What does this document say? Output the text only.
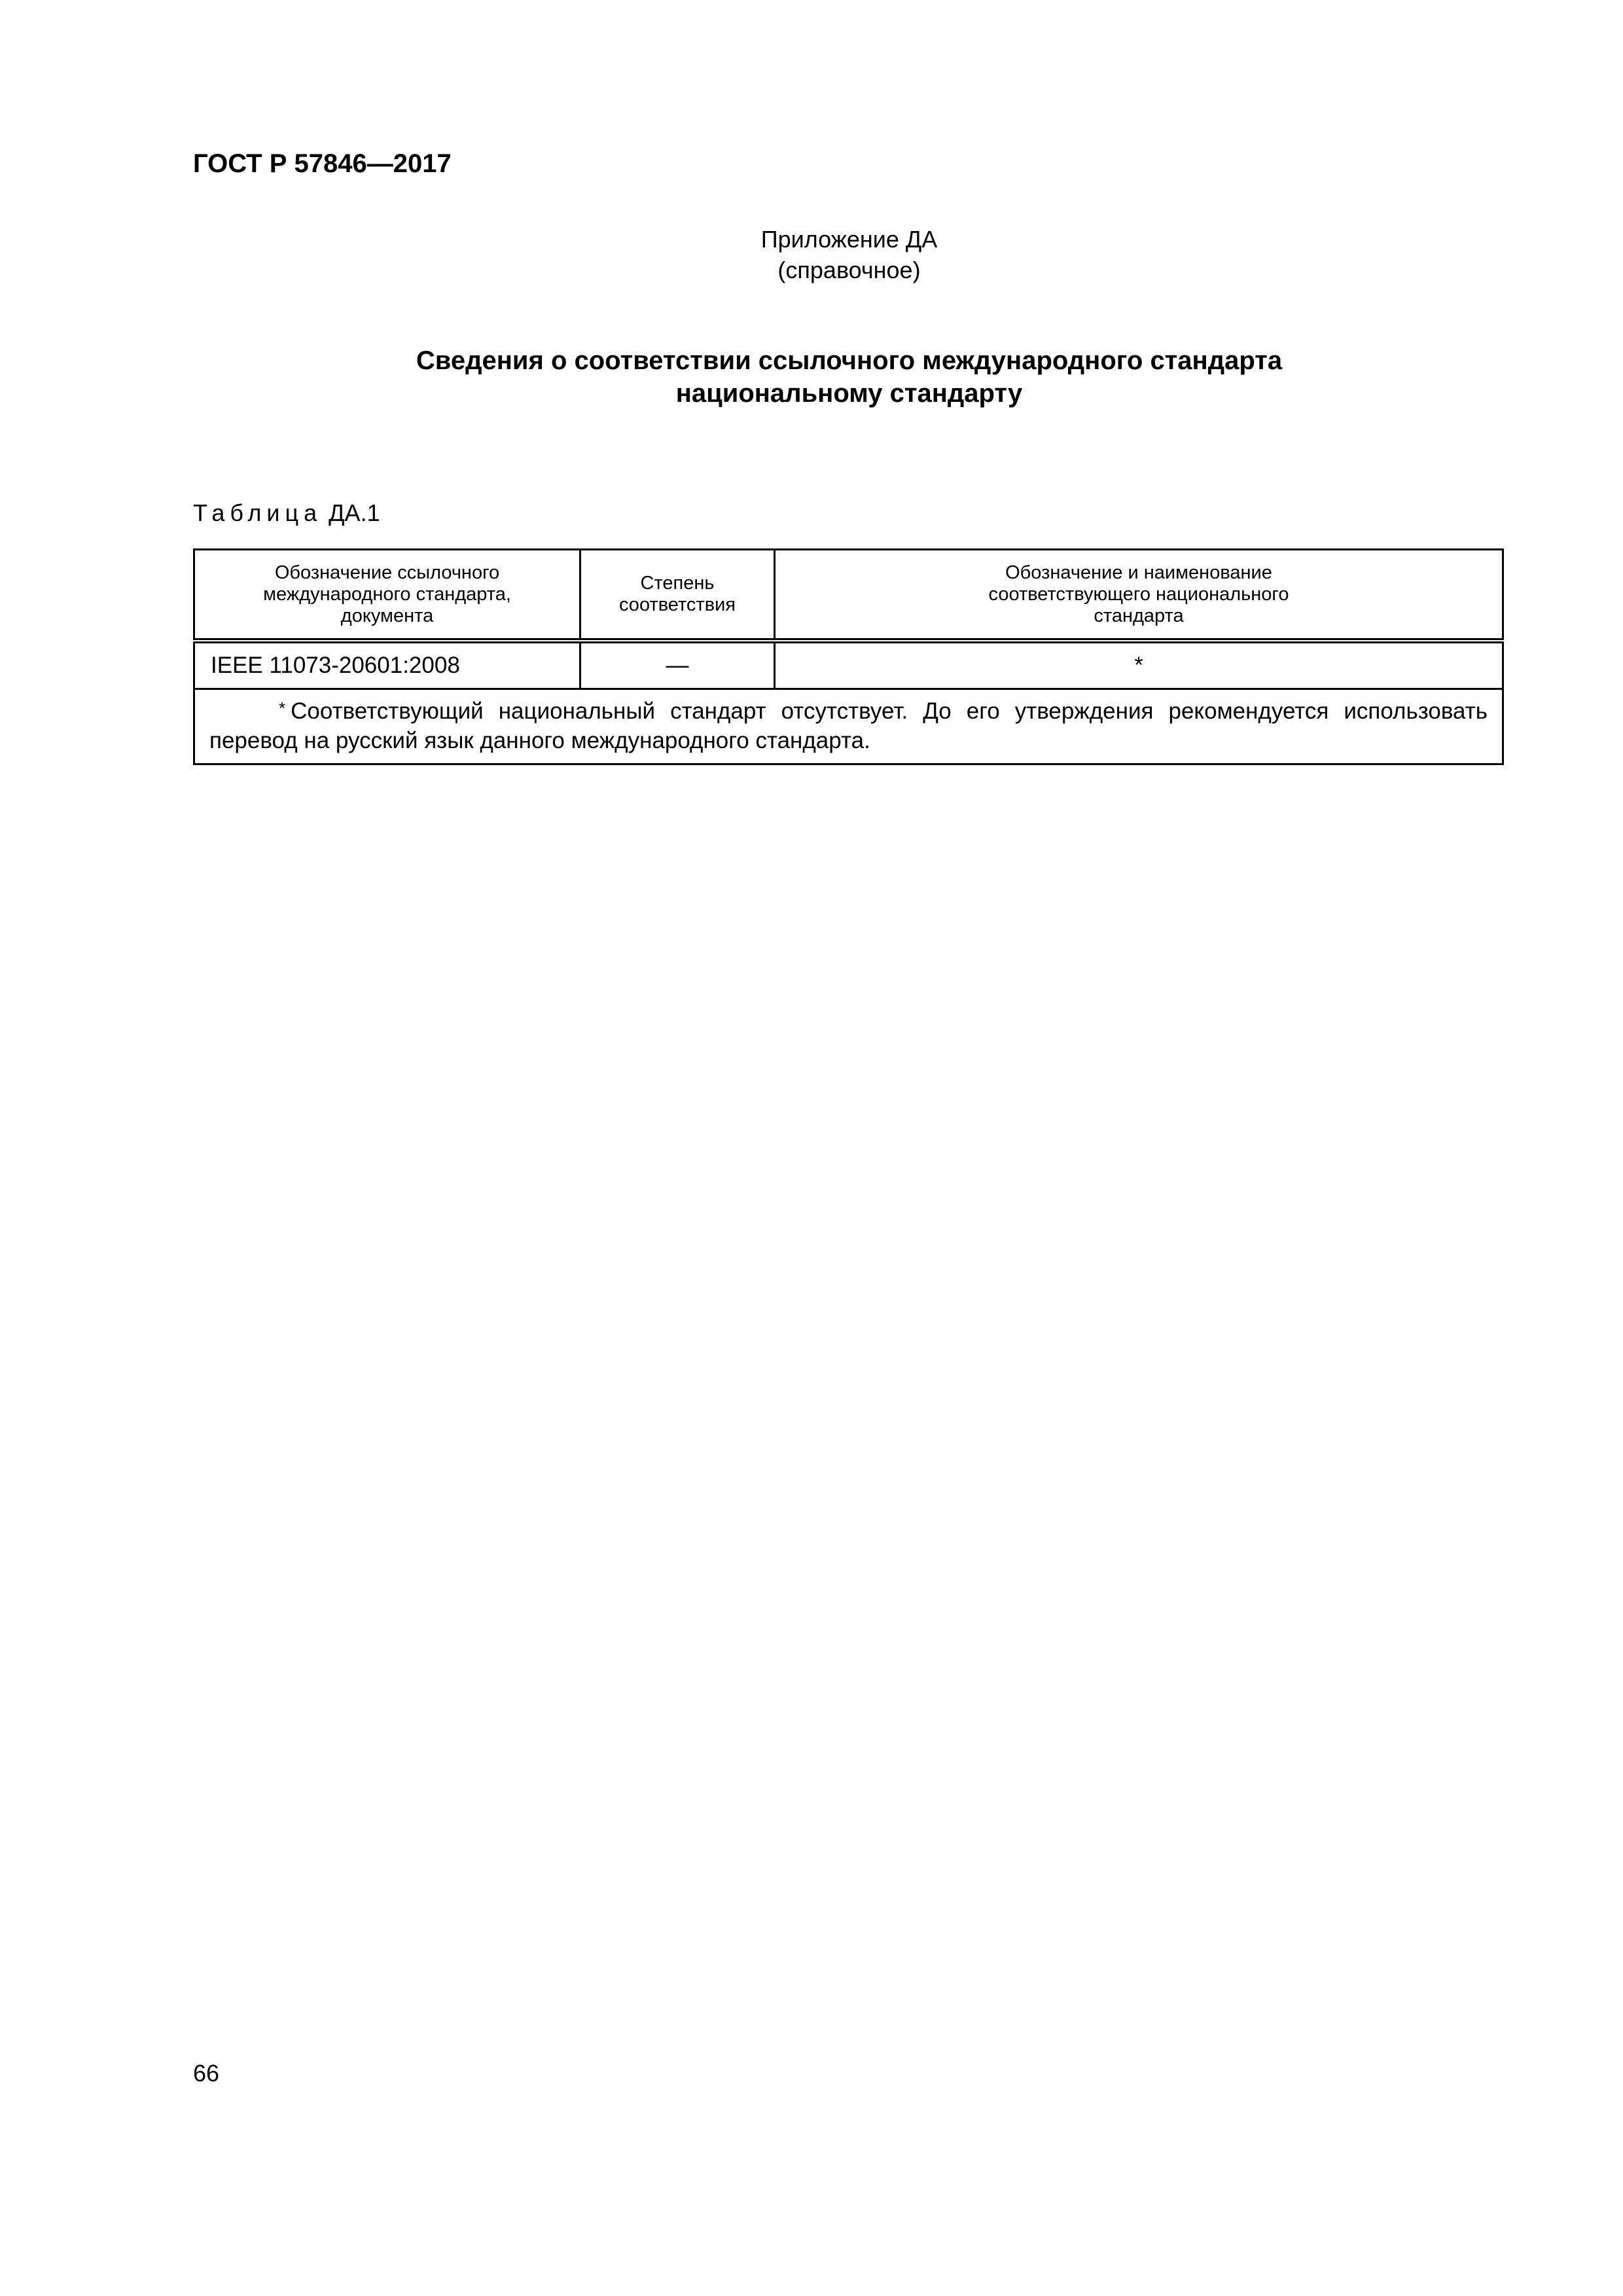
ГОСТ Р 57846—2017
Приложение ДА
(справочное)
Сведения о соответствии ссылочного международного стандарта
национальному стандарту
Таблица ДА.1
Обозначение ссылочного международного стандарта, документа	Степень соответствия	Обозначение и наименование соответствующего национального стандарта
IEEE 11073-20601:2008	—	*
* Соответствующий национальный стандарт отсутствует. До его утверждения рекомендуется использовать перевод на русский язык данного международного стандарта.		
66
